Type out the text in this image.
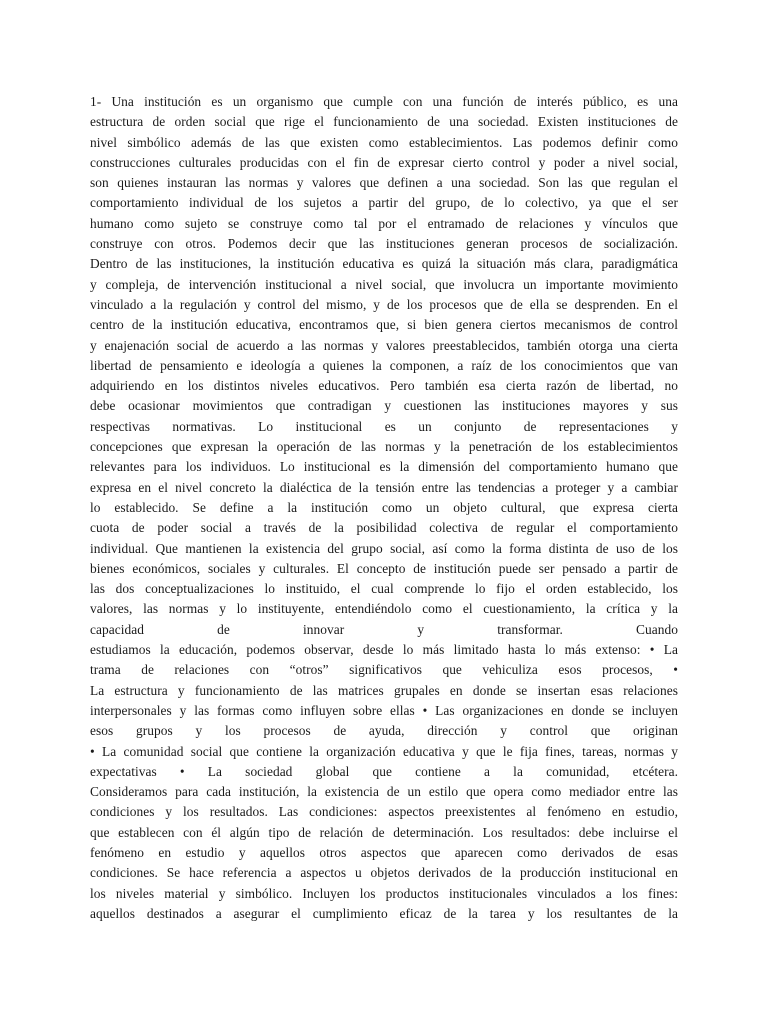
1- Una institución es un organismo que cumple con una función de interés público, es una
estructura de orden social que rige el funcionamiento de una sociedad. Existen instituciones de
nivel simbólico además de las que existen como establecimientos. Las podemos definir como
construcciones culturales producidas con el fin de expresar cierto control y poder a nivel social,
son quienes instauran las normas y valores que definen a una sociedad. Son las que regulan el
comportamiento individual de los sujetos a partir del grupo, de lo colectivo, ya que el ser
humano como sujeto se construye como tal por el entramado de relaciones y vínculos que
construye con otros. Podemos decir que las instituciones generan procesos de socialización.
Dentro de las instituciones, la institución educativa es quizá la situación más clara, paradigmática
y compleja, de intervención institucional a nivel social, que involucra un importante movimiento
vinculado a la regulación y control del mismo, y de los procesos que de ella se desprenden. En el
centro de la institución educativa, encontramos que, si bien genera ciertos mecanismos de control
y enajenación social de acuerdo a las normas y valores preestablecidos, también otorga una cierta
libertad de pensamiento e ideología a quienes la componen, a raíz de los conocimientos que van
adquiriendo en los distintos niveles educativos. Pero también esa cierta razón de libertad, no
debe ocasionar movimientos que contradigan y cuestionen las instituciones mayores y sus
respectivas normativas. Lo institucional es un conjunto de representaciones y
concepciones que expresan la operación de las normas y la penetración de los establecimientos
relevantes para los individuos. Lo institucional es la dimensión del comportamiento humano que
expresa en el nivel concreto la dialéctica de la tensión entre las tendencias a proteger y a cambiar
lo establecido. Se define a la institución como un objeto cultural, que expresa cierta
cuota de poder social a través de la posibilidad colectiva de regular el comportamiento
individual. Que mantienen la existencia del grupo social, así como la forma distinta de uso de los
bienes económicos, sociales y culturales. El concepto de institución puede ser pensado a partir de
las dos conceptualizaciones lo instituido, el cual comprende lo fijo el orden establecido, los
valores, las normas y lo instituyente, entendiéndolo como el cuestionamiento, la crítica y la
capacidad de innovar y transformar. Cuando
estudiamos la educación, podemos observar, desde lo más limitado hasta lo más extenso: • La
trama de relaciones con “otros” significativos que vehiculiza esos procesos, •
La estructura y funcionamiento de las matrices grupales en donde se insertan esas relaciones
interpersonales y las formas como influyen sobre ellas • Las organizaciones en donde se incluyen
esos grupos y los procesos de ayuda, dirección y control que originan
• La comunidad social que contiene la organización educativa y que le fija fines, tareas, normas y
expectativas • La sociedad global que contiene a la comunidad, etcétera.
Consideramos para cada institución, la existencia de un estilo que opera como mediador entre las
condiciones y los resultados. Las condiciones: aspectos preexistentes al fenómeno en estudio,
que establecen con él algún tipo de relación de determinación. Los resultados: debe incluirse el
fenómeno en estudio y aquellos otros aspectos que aparecen como derivados de esas
condiciones. Se hace referencia a aspectos u objetos derivados de la producción institucional en
los niveles material y simbólico. Incluyen los productos institucionales vinculados a los fines:
aquellos destinados a asegurar el cumplimiento eficaz de la tarea y los resultantes de la
